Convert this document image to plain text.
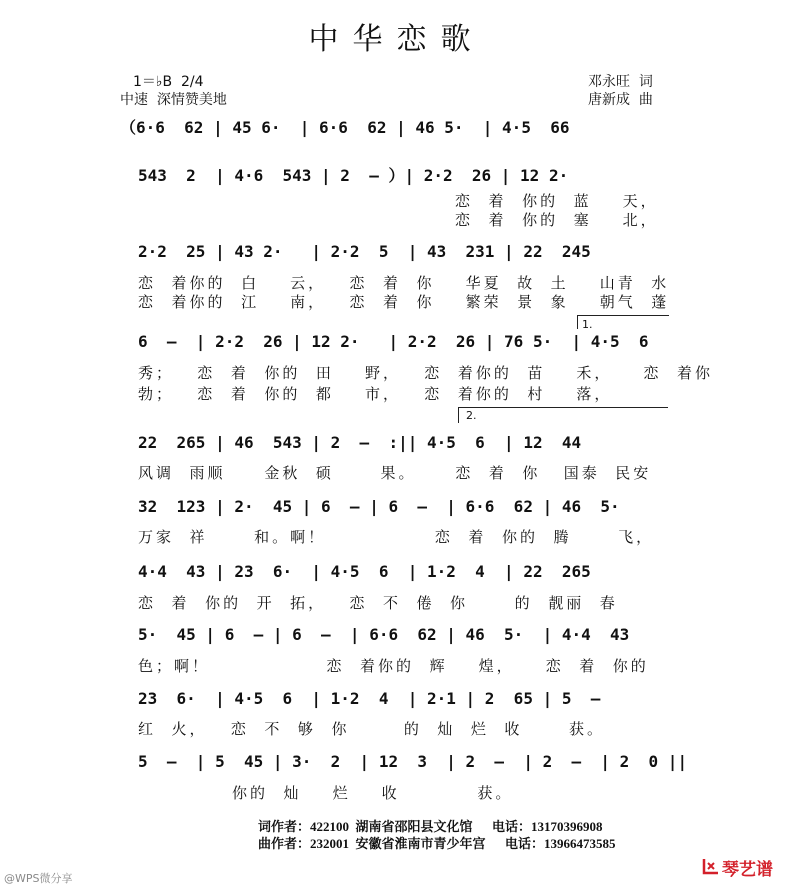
中华恋歌
1＝♭B  2/4
中速  深情赞美地
邓永旺  词
唐新成  曲
（6·6  62 | 45 6·  | 6·6  62 | 46 5·  | 4·5  66
543  2  | 4·6  543 | 2  — ）| 2·2  26 | 12 2·
恋  着  你的  蓝    天，
恋  着  你的  塞    北，
2·2  25 | 43 2·   | 2·2  5  | 43  231 | 22  245
恋  着你的  白    云，   恋  着  你    华夏  故  土    山青  水
恋  着你的  江    南，   恋  着  你    繁荣  景  象    朝气  蓬
1.
6  —  | 2·2  26 | 12 2·   | 2·2  26 | 76 5·  | 4·5  6
秀；   恋  着  你的  田    野，   恋  着你的  苗    禾，    恋  着你
勃；   恋  着  你的  都    市，   恋  着你的  村    落，
2.
22  265 | 46  543 | 2  —  :|| 4·5  6  | 12  44
风调  雨顺     金秋  硕      果。     恋  着  你   国泰  民安
32  123 | 2·  45 | 6  — | 6  —  | 6·6  62 | 46  5·
万家  祥      和。啊！              恋  着  你的  腾      飞，
4·4  43 | 23  6·  | 4·5  6  | 1·2  4  | 22  265
恋  着  你的  开  拓，   恋  不  倦  你      的  靓丽  春
5·  45 | 6  — | 6  —  | 6·6  62 | 46  5·  | 4·4  43
色；啊！               恋  着你的  辉    煌，    恋  着  你的
23  6·  | 4·5  6  | 1·2  4  | 2·1 | 2  65 | 5  —
红  火，   恋  不  够  你       的  灿  烂  收      获。
5  —  | 5  45 | 3·  2  | 12  3  | 2  —  | 2  —  | 2  0 ||
你的  灿    烂    收          获。
词作者：422100  湖南省邵阳县文化馆      电话：13170396908
曲作者：232001  安徽省淮南市青少年宫      电话：13966473585
@WPS微分享	琴艺谱
